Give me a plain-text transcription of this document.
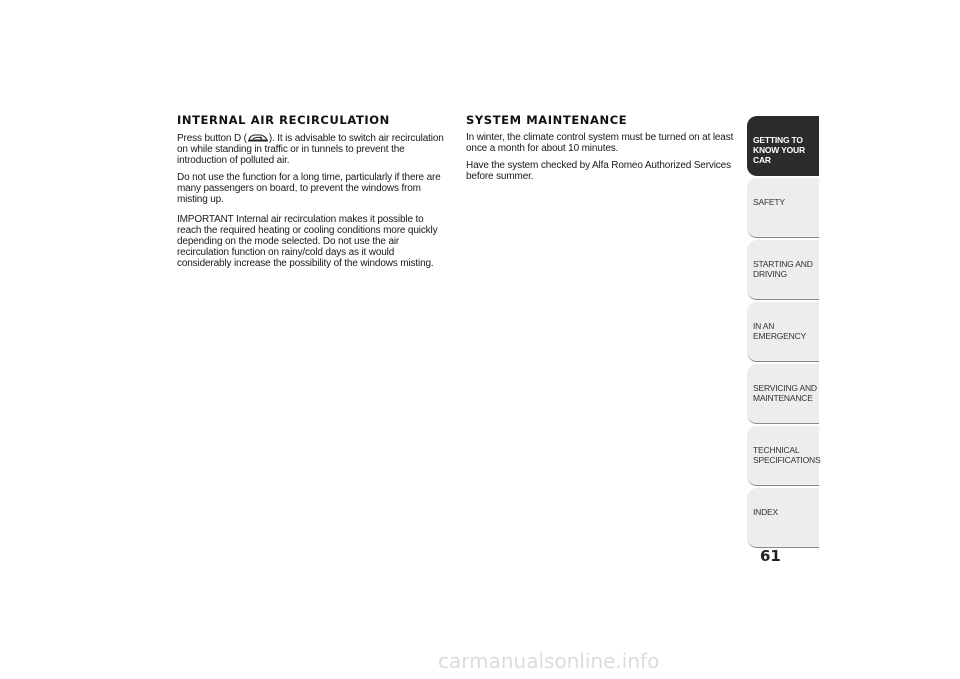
INTERNAL AIR RECIRCULATION

Press button D ( ). It is advisable to switch air recirculation on while standing in traffic or in tunnels to prevent the introduction of polluted air.

Do not use the function for a long time, particularly if there are many passengers on board, to prevent the windows from misting up.

IMPORTANT Internal air recirculation makes it possible to reach the required heating or cooling conditions more quickly depending on the mode selected. Do not use the air recirculation function on rainy/cold days as it would considerably increase the possibility of the windows misting.

SYSTEM MAINTENANCE

In winter, the climate control system must be turned on at least once a month for about 10 minutes.

Have the system checked by Alfa Romeo Authorized Services before summer.

GETTING TO KNOW YOUR CAR
SAFETY
STARTING AND DRIVING
IN AN EMERGENCY
SERVICING AND MAINTENANCE
TECHNICAL SPECIFICATIONS
INDEX
61
carmanualsonline.info
